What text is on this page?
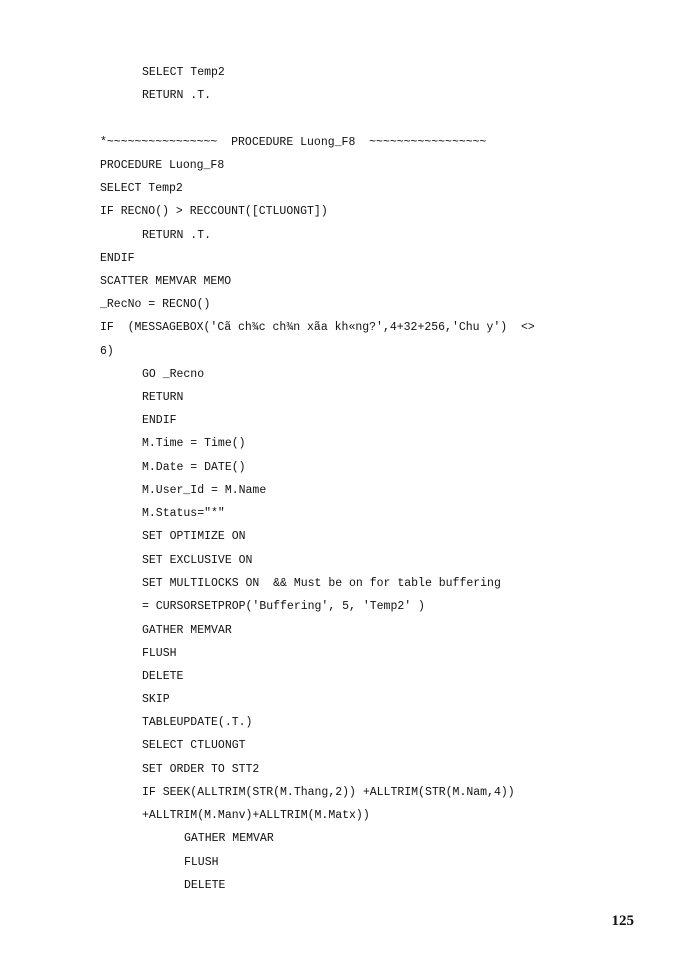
SELECT Temp2
RETURN .T.
*~~~~~~~~~~~~~~~~  PROCEDURE Luong_F8  ~~~~~~~~~~~~~~~~~
PROCEDURE Luong_F8
SELECT Temp2
IF RECNO() > RECCOUNT([CTLUONGT])
RETURN .T.
ENDIF
SCATTER MEMVAR MEMO
_RecNo = RECNO()
IF  (MESSAGEBOX('Cã ch¾c ch¾n xãa kh«ng?',4+32+256,'Chu y')  <>
6)
GO _Recno
RETURN
ENDIF
M.Time = Time()
M.Date = DATE()
M.User_Id = M.Name
M.Status="*"
SET OPTIMIZE ON
SET EXCLUSIVE ON
SET MULTILOCKS ON  && Must be on for table buffering
= CURSORSETPROP('Buffering', 5, 'Temp2' )
GATHER MEMVAR
FLUSH
DELETE
SKIP
TABLEUPDATE(.T.)
SELECT CTLUONGT
SET ORDER TO STT2
IF SEEK(ALLTRIM(STR(M.Thang,2)) +ALLTRIM(STR(M.Nam,4))
+ALLTRIM(M.Manv)+ALLTRIM(M.Matx))
GATHER MEMVAR
FLUSH
DELETE
125
